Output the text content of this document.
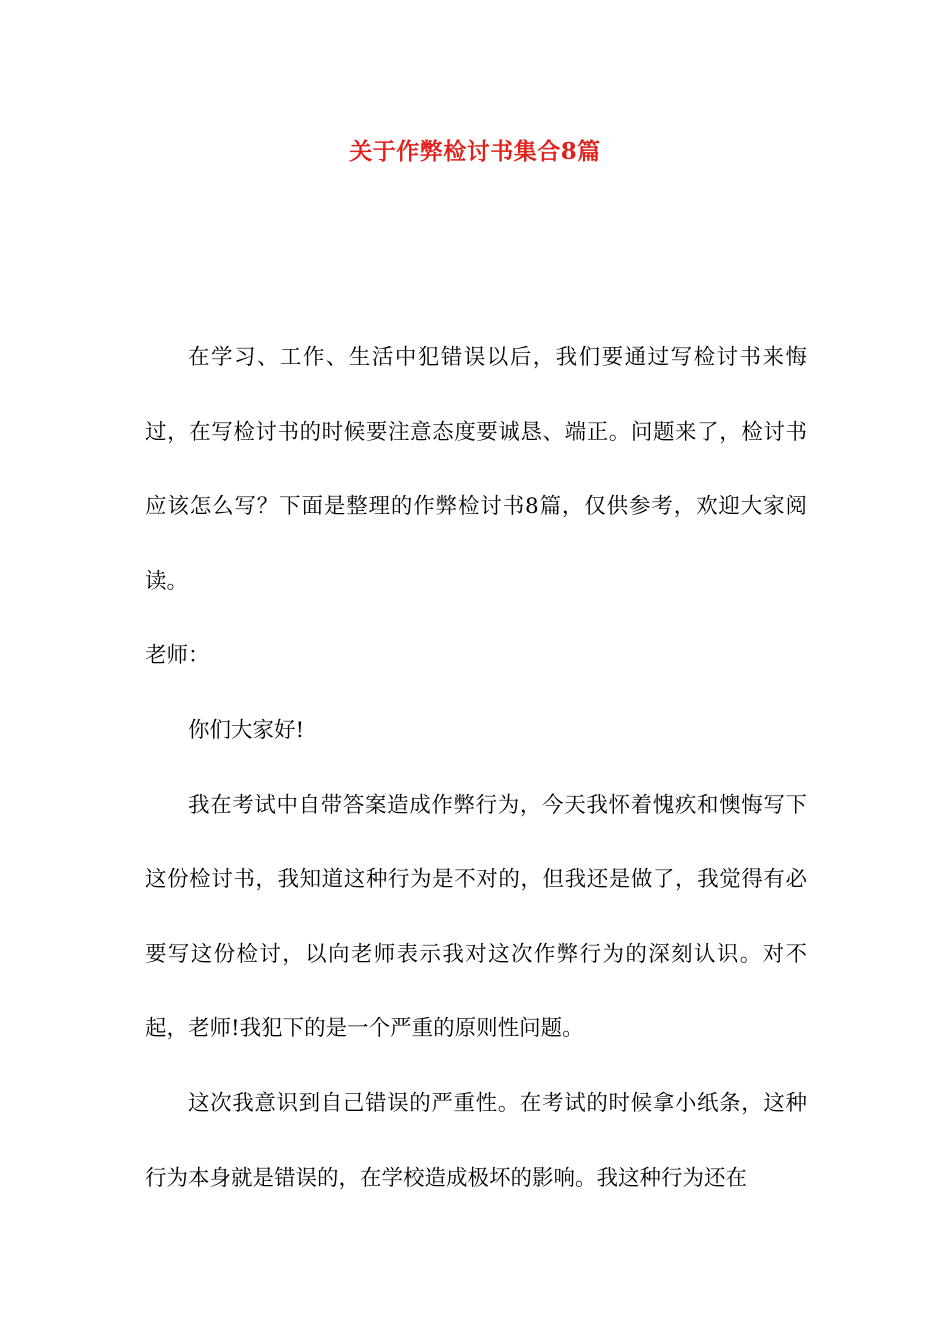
关于作弊检讨书集合8篇

在学习、工作、生活中犯错误以后，我们要通过写检讨书来悔过，在写检讨书的时候要注意态度要诚恳、端正。问题来了，检讨书应该怎么写？下面是整理的作弊检讨书8篇，仅供参考，欢迎大家阅读。

老师：

你们大家好!

我在考试中自带答案造成作弊行为，今天我怀着愧疚和懊悔写下这份检讨书，我知道这种行为是不对的，但我还是做了，我觉得有必要写这份检讨，以向老师表示我对这次作弊行为的深刻认识。对不起，老师!我犯下的是一个严重的原则性问题。

这次我意识到自己错误的严重性。在考试的时候拿小纸条，这种行为本身就是错误的，在学校造成极坏的影响。我这种行为还在
